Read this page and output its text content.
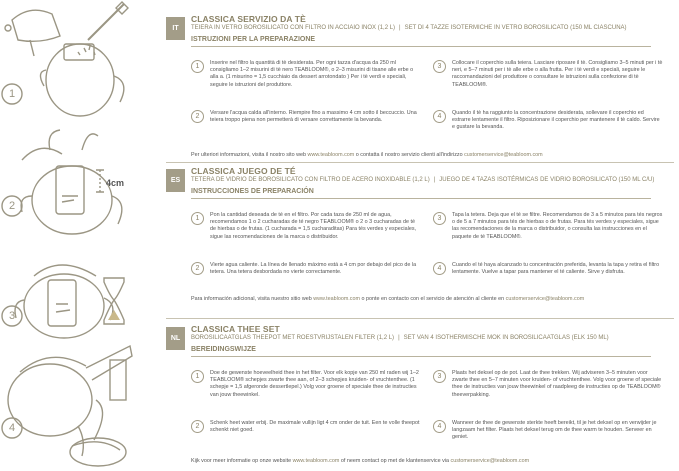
1
2
3
4
4cm
IT
CLASSICA SERVIZIO DA TÈ
TEIERA IN VETRO BOROSILICATO CON FILTRO IN ACCIAIO INOX (1,2 L) | SET DI 4 TAZZE ISOTERMICHE IN VETRO BOROSILICATO (150 ML CIASCUNA)
ISTRUZIONI PER LA PREPARAZIONE
1	Inserire nel filtro la quantità di tè desiderata. Per ogni tazza d'acqua da 250 ml consigliamo 1–2 misurini di tè nero TEABLOOM®, o 2–3 misurini di tisane alle erbe o alla a. (1 misurino = 1,5 cucchiaio da dessert arrotondato ) Per i tè verdi e speciali, seguire le istruzioni del produttore.
2	Versare l'acqua calda all'interno. Riempire fino a massimo 4 cm sotto il beccuccio. Una teiera troppo piena non permetterà di versare correttamente la bevanda.
3	Collocare il coperchio sulla teiera. Lasciare riposare il tè. Consigliamo 3–5 minuti per i tè neri, e 5–7 minuti per i tè alle erbe o alla frutta. Per i tè verdi e speciali, seguire le raccomandazioni del produttore o consultare le istruzioni sulla confezione di tè TEABLOOM®.
4	Quando il tè ha raggiunto la concentrazione desiderata, sollevare il coperchio ed estrarre lentamente il filtro. Riposizionare il coperchio per mantenere il tè caldo. Servire e gustare la bevanda.
Per ulteriori informazioni, visita il nostro sito web www.teabloom.com o contatta il nostro servizio clienti all'indirizzo customerservice@teabloom.com
ES
CLASSICA JUEGO DE TÉ
TETERA DE VIDRIO DE BOROSILICATO CON FILTRO DE ACERO INOXIDABLE (1,2 L) | JUEGO DE 4 TAZAS ISOTÉRMICAS DE VIDRIO BOROSILICATO (150 ML C/U)
INSTRUCCIONES DE PREPARACIÓN
1	Pon la cantidad deseada de té en el filtro. Por cada taza de 250 ml de agua, recomendamos 1 o 2 cucharadas de té negro TEABLOOM® o 2 o 3 cucharadas de té de hierbas o de frutas. (1 cucharada = 1,5 cucharaditas) Para tés verdes y especiales, sigue las recomendaciones de la marca o distribuidor.
2	Vierte agua caliente. La línea de llenado máximo está a 4 cm por debajo del pico de la tetera. Una tetera desbordada no vierte correctamente.
3	Tapa la tetera. Deja que el té se filtre. Recomendamos de 3 a 5 minutos para tés negros o de 5 a 7 minutos para tés de hierbas o de frutas. Para tés verdes y especiales, sigue las recomendaciones de la marca o distribuidor, o consulta las instrucciones en el paquete de té TEABLOOM®.
4	Cuando el té haya alcanzado tu concentración preferida, levanta la tapa y retira el filtro lentamente. Vuelve a tapar para mantener el té caliente. Sirve y disfruta.
Para información adicional, visita nuestro sitio web www.teabloom.com o ponte en contacto con el servicio de atención al cliente en customerservice@teabloom.com
NL
CLASSICA THEE SET
BOROSILICAATGLAS THEEPOT MET ROESTVRIJSTALEN FILTER (1,2 L) | SET VAN 4 ISOTHERMISCHE MOK IN BOROSILICAATGLAS (ELK 150 ML)
BEREIDINGSWIJZE
1	Doe de gewenste hoeveelheid thee in het filter. Voor elk kopje van 250 ml raden wij 1–2 TEABLOOM® schepjes zwarte thee aan, of 2–3 schepjes kruiden- of vruchtenthee. (1 schepje = 1,5 afgeronde dessertlepel.) Volg voor groene of speciale thee de instructies van jouw theewinkel.
2	Schenk heet water erbij. De maximale vullijn ligt 4 cm onder de tuit. Een te volle theepot schenkt niet goed.
3	Plaats het deksel op de pot. Laat de thee trekken. Wij adviseren 3–5 minuten voor zwarte thee en 5–7 minuten voor kruiden- of vruchtenthee. Volg voor groene of speciale thee de instructies van jouw theewinkel of raadpleeg de instructies op de TEABLOOM® theeverpakking.
4	Wanneer de thee de gewenste sterkte heeft bereikt, til je het deksel op en verwijder je langzaam het filter. Plaats het deksel terug om de thee warm te houden. Serveer en geniet.
Kijk voor meer informatie op onze website www.teabloom.com of neem contact op met de klantenservice via customerservice@teabloom.com
